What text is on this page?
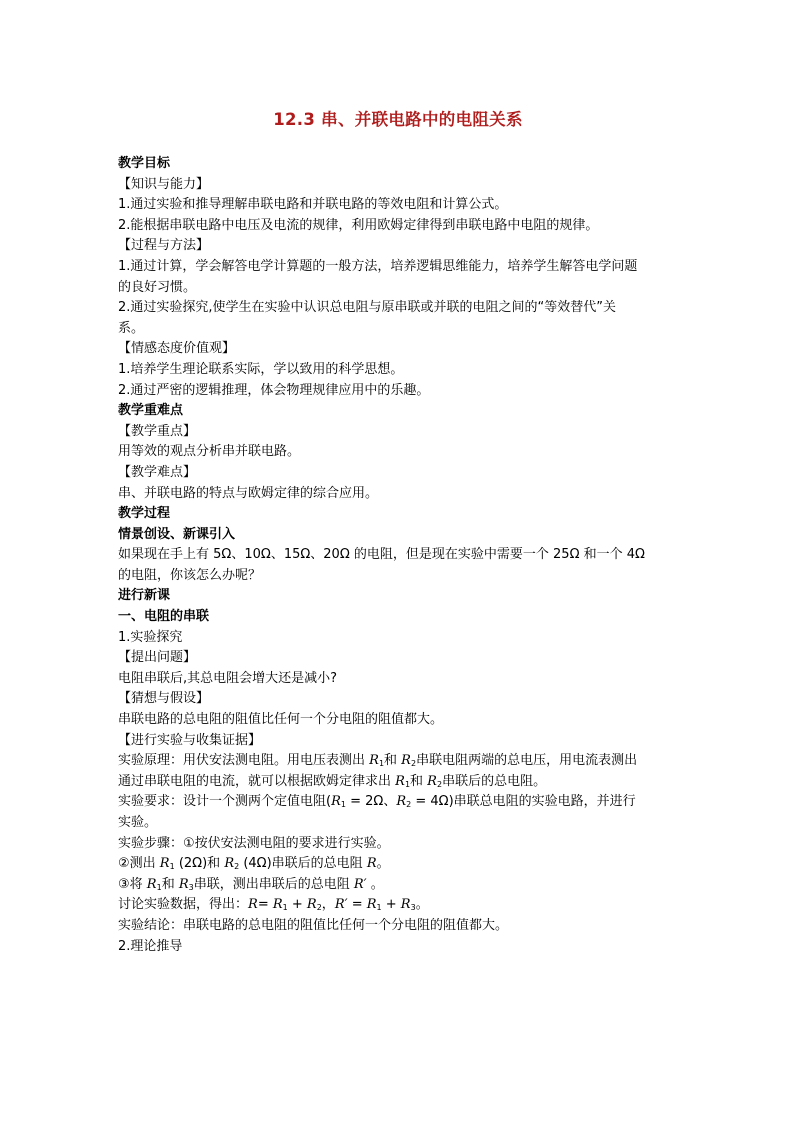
12.3 串、并联电路中的电阻关系
教学目标
【知识与能力】
1.通过实验和推导理解串联电路和并联电路的等效电阻和计算公式。
2.能根据串联电路中电压及电流的规律，利用欧姆定律得到串联电路中电阻的规律。
【过程与方法】
1.通过计算，学会解答电学计算题的一般方法，培养逻辑思维能力，培养学生解答电学问题
的良好习惯。
2.通过实验探究,使学生在实验中认识总电阻与原串联或并联的电阻之间的“等效替代”关
系。
【情感态度价值观】
1.培养学生理论联系实际，学以致用的科学思想。
2.通过严密的逻辑推理，体会物理规律应用中的乐趣。
教学重难点
【教学重点】
用等效的观点分析串并联电路。
【教学难点】
串、并联电路的特点与欧姆定律的综合应用。
教学过程
情景创设、新课引入
如果现在手上有 5Ω、10Ω、15Ω、20Ω 的电阻，但是现在实验中需要一个 25Ω 和一个 4Ω
的电阻，你该怎么办呢？
进行新课
一、电阻的串联
1.实验探究
【提出问题】
电阻串联后,其总电阻会增大还是减小?
【猜想与假设】
串联电路的总电阻的阻值比任何一个分电阻的阻值都大。
【进行实验与收集证据】
实验原理：用伏安法测电阻。用电压表测出 $R_1$和 $R_2$串联电阻两端的总电压，用电流表测出
通过串联电阻的电流，就可以根据欧姆定律求出 $R_1$和 $R_2$串联后的总电阻。
实验要求：设计一个测两个定值电阻($R_1 = 2\Omega$、$R_2 = 4\Omega$)串联总电阻的实验电路，并进行
实验。
实验步骤：①按伏安法测电阻的要求进行实验。
②测出 $R_1$ (2Ω)和 $R_2$ (4Ω)串联后的总电阻 R。
③将 $R_1$和 $R_3$串联，测出串联后的总电阻 R′ 。
讨论实验数据，得出：$R= R_1 + R_2$，$R' = R_1 + R_3$。
实验结论：串联电路的总电阻的阻值比任何一个分电阻的阻值都大。
2.理论推导
